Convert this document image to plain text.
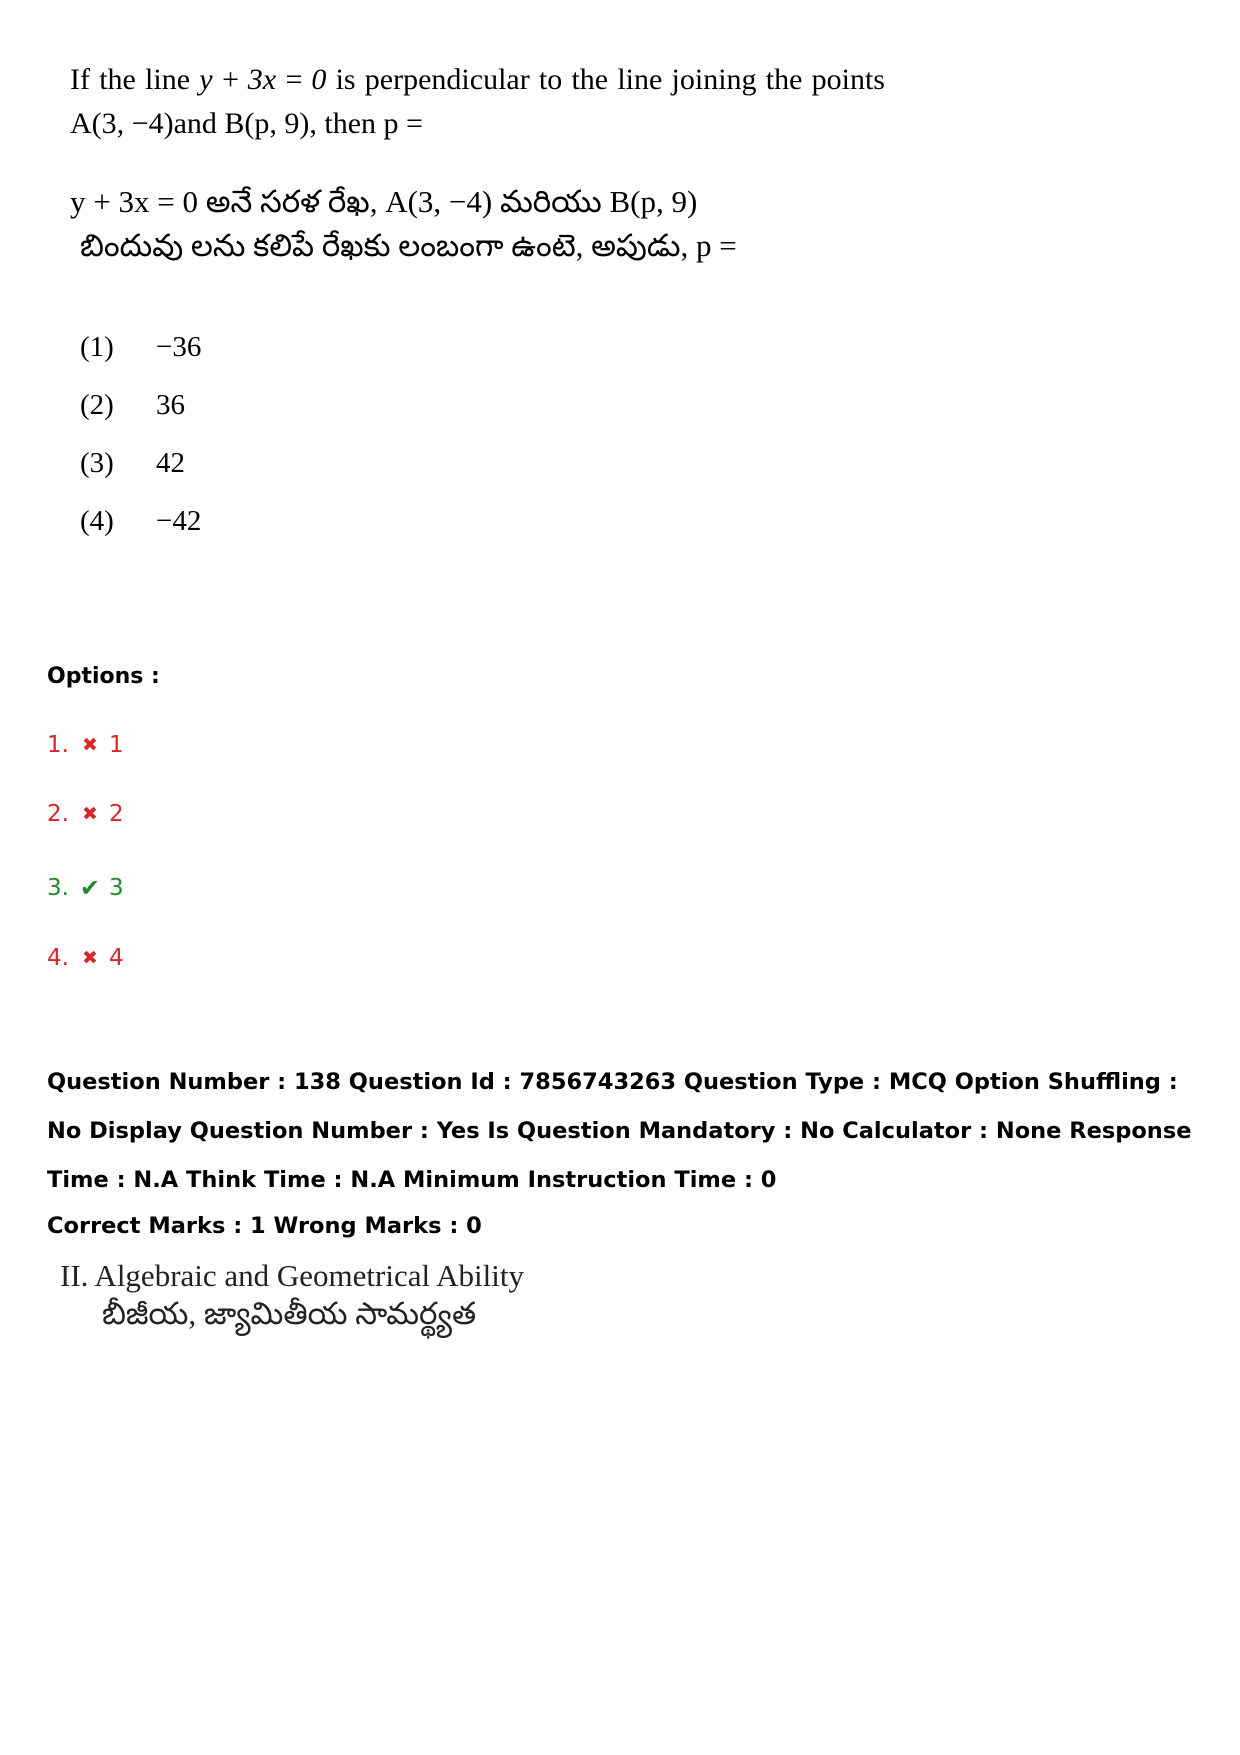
If the line y + 3x = 0 is perpendicular to the line joining the points
A(3, −4)and B(p, 9), then p =
y + 3x = 0 అనే సరళ రేఖ, A(3, −4) మరియు B(p, 9)
బిందువు లను కలిపే రేఖకు లంబంగా ఉంటె, అపుడు, p =
(1)	−36
(2)	36
(3)	42
(4)	−42
Options :
1. ✖ 1
2. ✖ 2
3. ✔ 3
4. ✖ 4
Question Number : 138 Question Id : 7856743263 Question Type : MCQ Option Shuffling : No Display Question Number : Yes Is Question Mandatory : No Calculator : None Response Time : N.A Think Time : N.A Minimum Instruction Time : 0
Correct Marks : 1 Wrong Marks : 0
II. Algebraic and Geometrical Ability
బీజీయ, జ్యామితీయ సామర్థ్యత
